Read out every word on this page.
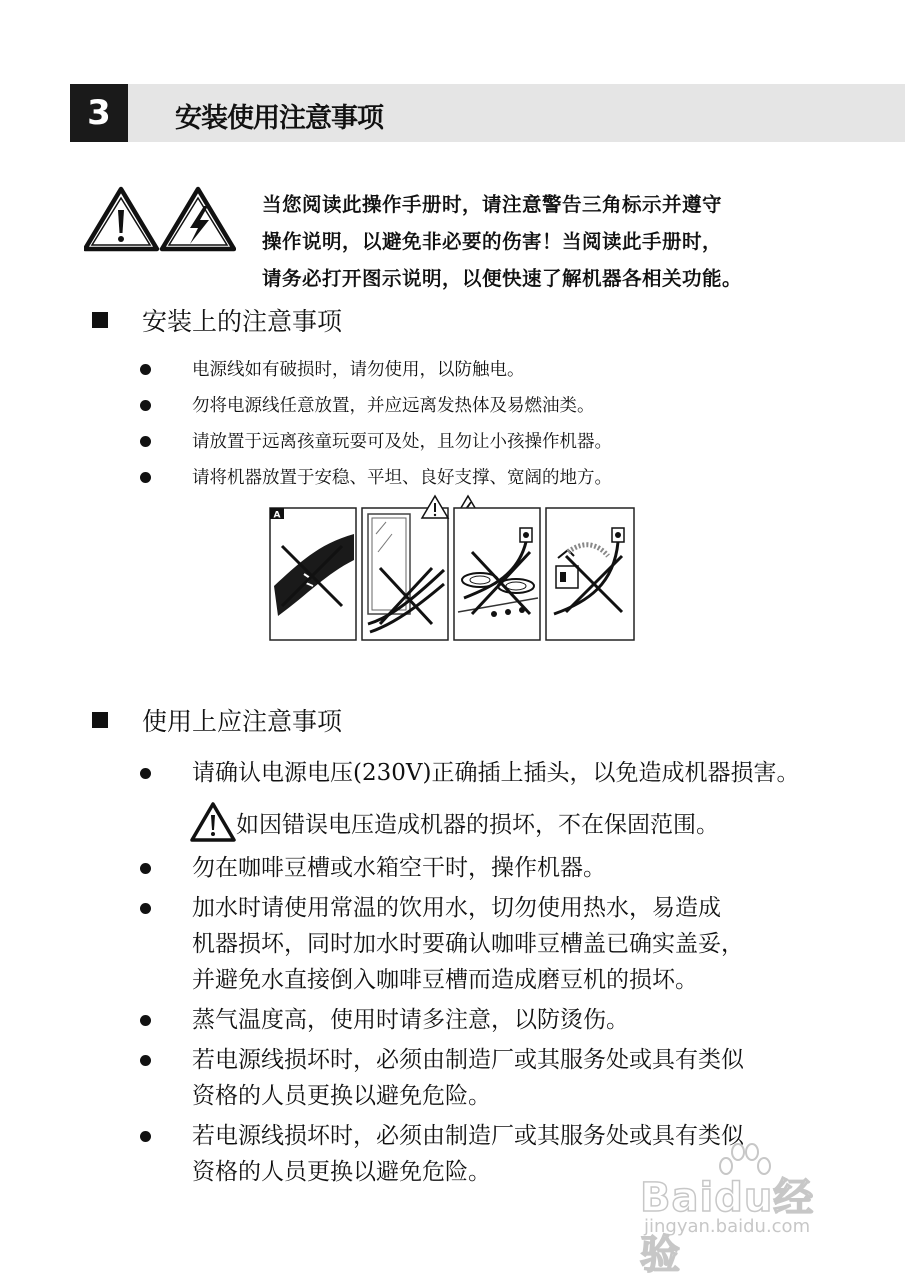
3	安装使用注意事项
当您阅读此操作手册时，请注意警告三角标示并遵守
操作说明，以避免非必要的伤害！当阅读此手册时，
请务必打开图示说明，以便快速了解机器各相关功能。
安装上的注意事项
电源线如有破损时，请勿使用，以防触电。
勿将电源线任意放置，并应远离发热体及易燃油类。
请放置于远离孩童玩耍可及处，且勿让小孩操作机器。
请将机器放置于安稳、平坦、良好支撑、宽阔的地方。
A
使用上应注意事项
请确认电源电压(230V)正确插上插头，以免造成机器损害。
如因错误电压造成机器的损坏，不在保固范围。
勿在咖啡豆槽或水箱空干时，操作机器。
加水时请使用常温的饮用水，切勿使用热水，易造成
机器损坏，同时加水时要确认咖啡豆槽盖已确实盖妥，
并避免水直接倒入咖啡豆槽而造成磨豆机的损坏。
蒸气温度高，使用时请多注意，以防烫伤。
若电源线损坏时，必须由制造厂或其服务处或具有类似
资格的人员更换以避免危险。
若电源线损坏时，必须由制造厂或其服务处或具有类似
资格的人员更换以避免危险。
Baidu经验
jingyan.baidu.com
